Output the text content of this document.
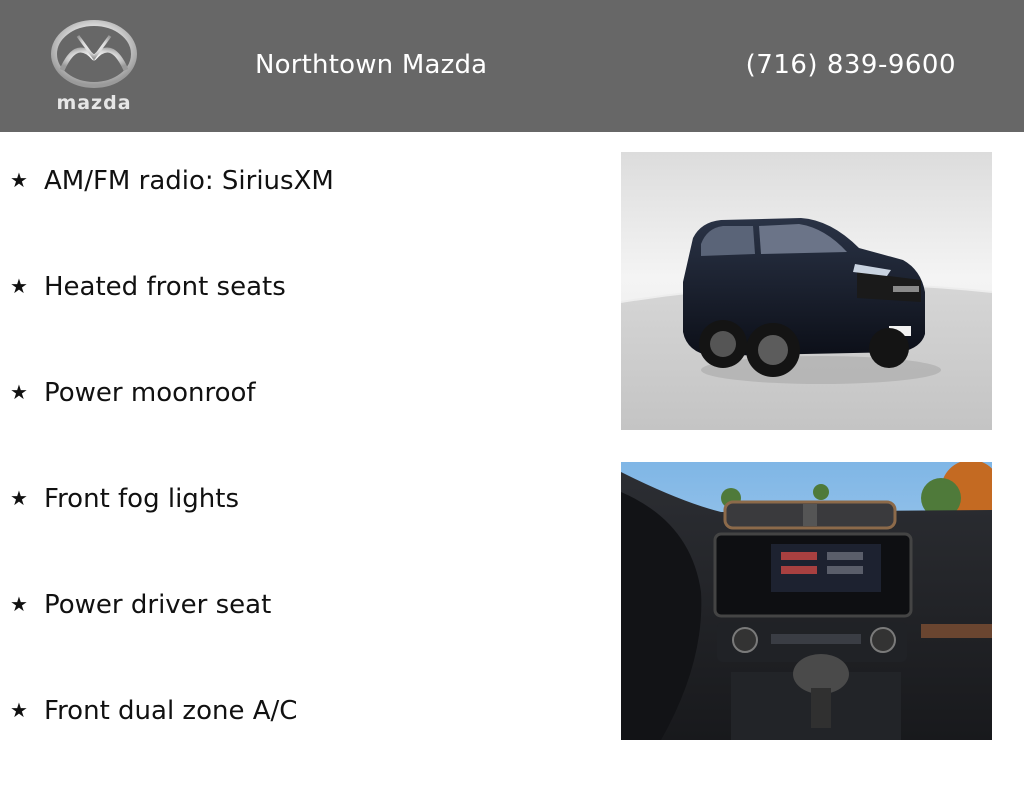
mazda
Northtown Mazda	(716) 839-9600
★ AM/FM radio: SiriusXM
★ Heated front seats
★ Power moonroof
★ Front fog lights
★ Power driver seat
★ Front dual zone A/C
